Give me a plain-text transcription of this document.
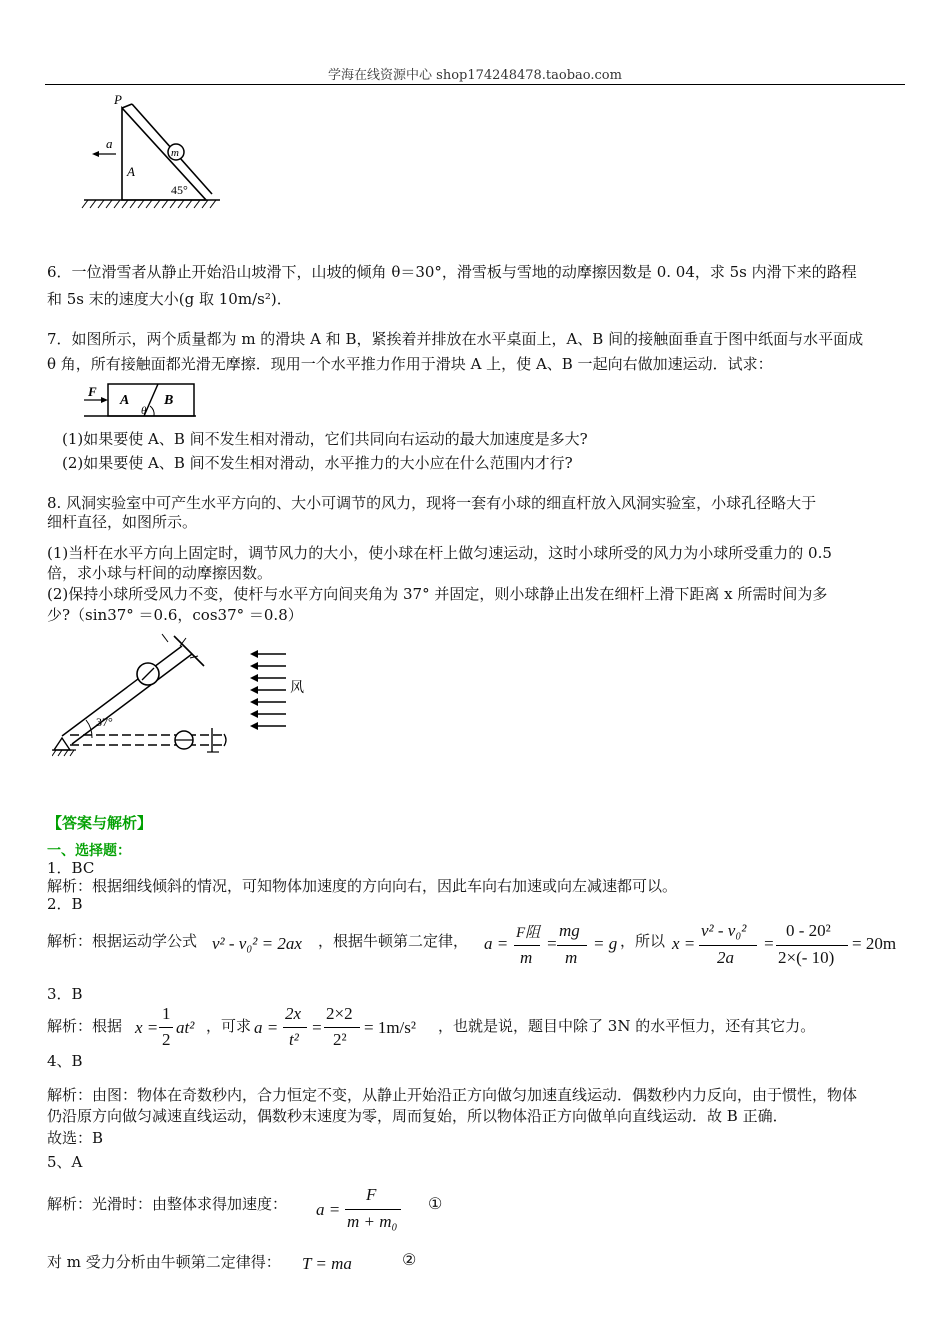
学海在线资源中心 shop174248478.taobao.com
P
a
m
A
45°
6．一位滑雪者从静止开始沿山坡滑下，山坡的倾角 θ＝30°，滑雪板与雪地的动摩擦因数是 0. 04，求 5s 内滑下来的路程
和 5s 末的速度大小(g 取 10m/s²)．
7．如图所示，两个质量都为 m 的滑块 A 和 B，紧挨着并排放在水平桌面上，A、B 间的接触面垂直于图中纸面与水平面成
θ 角，所有接触面都光滑无摩擦．现用一个水平推力作用于滑块 A 上，使 A、B 一起向右做加速运动．试求：
F
A B
θ
(1)如果要使 A、B 间不发生相对滑动，它们共同向右运动的最大加速度是多大?
(2)如果要使 A、B 间不发生相对滑动，水平推力的大小应在什么范围内才行?
8. 风洞实验室中可产生水平方向的、大小可调节的风力，现将一套有小球的细直杆放入风洞实验室，小球孔径略大于
细杆直径，如图所示。
(1)当杆在水平方向上固定时，调节风力的大小，使小球在杆上做匀速运动，这时小球所受的风力为小球所受重力的 0.5
倍，求小球与杆间的动摩擦因数。
(2)保持小球所受风力不变，使杆与水平方向间夹角为 37° 并固定，则小球静止出发在细杆上滑下距离 x 所需时间为多
少?（sin37° ＝0.6，cos37° ＝0.8）
37°
风
【答案与解析】
一、选择题：
1．BC
解析：根据细线倾斜的情况，可知物体加速度的方向向右，因此车向右加速或向左减速都可以。
2．B
解析：根据运动学公式 v² - v₀² = 2ax ，根据牛顿第二定律， a =
F阻
m
=
mg
m
= g ，所以 x =
v² - v₀²
2a
=
0 - 20²
2×(- 10)
= 20m
3．B
解析：根据 x =
1
2
at² ，可求 a =
2x
t²
=
2×2
2²
= 1m/s² ，也就是说，题目中除了 3N 的水平恒力，还有其它力。
4、B
解析：由图：物体在奇数秒内，合力恒定不变，从静止开始沿正方向做匀加速直线运动．偶数秒内力反向，由于惯性，物体
仍沿原方向做匀减速直线运动，偶数秒末速度为零，周而复始，所以物体沿正方向做单向直线运动．故 B 正确．
故选：B
5、A
解析：光滑时：由整体求得加速度： a =
F
m + m₀
①
对 m 受力分析由牛顿第二定律得： T = ma	②
